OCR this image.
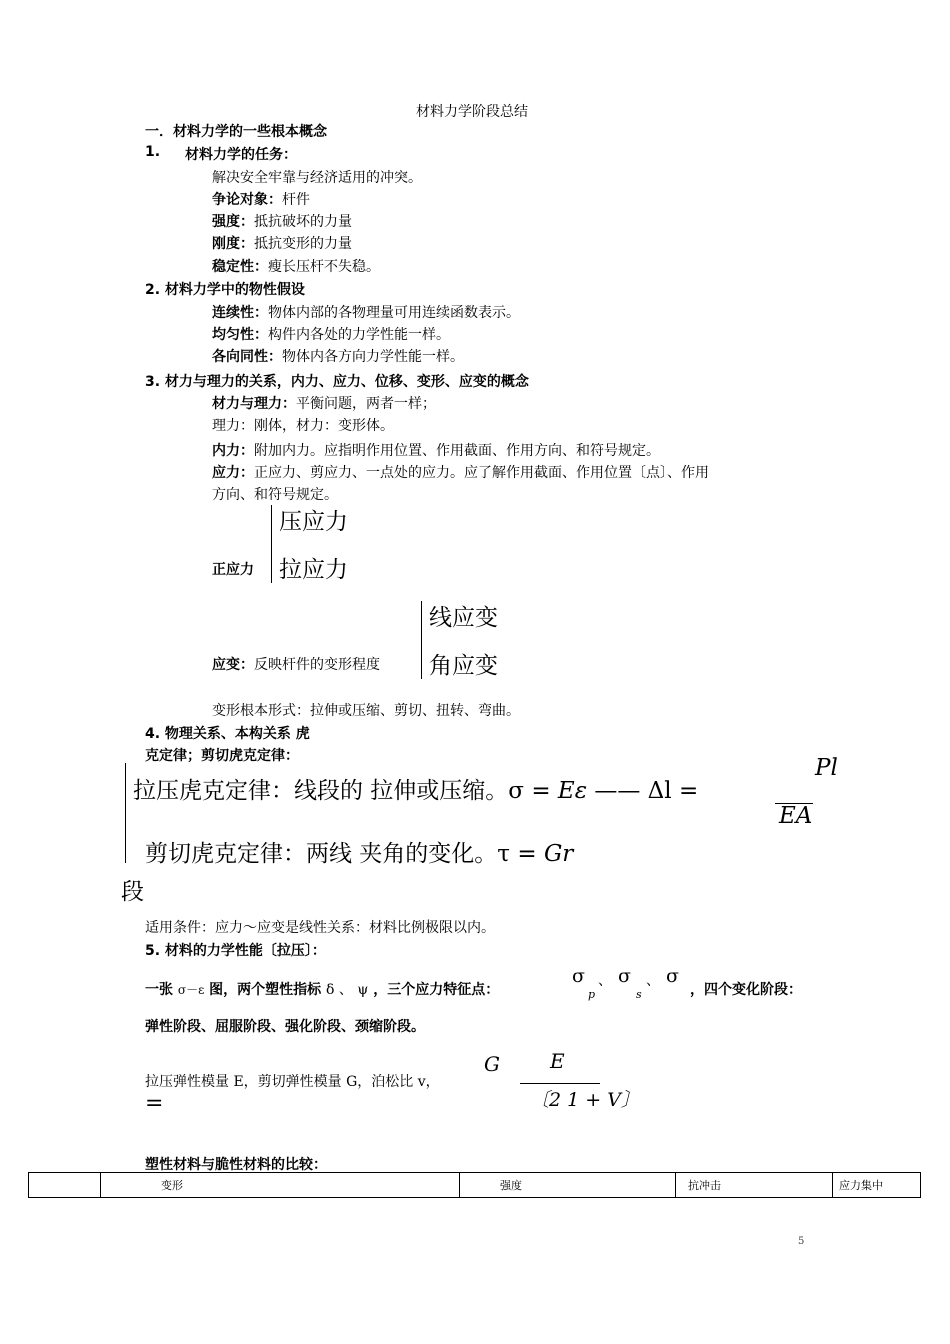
材料力学阶段总结
一．材料力学的一些根本概念
1. 材料力学的任务：
解决安全牢靠与经济适用的冲突。
争论对象：杆件
强度：抵抗破坏的力量
刚度：抵抗变形的力量
稳定性：瘦长压杆不失稳。
2. 材料力学中的物性假设
连续性：物体内部的各物理量可用连续函数表示。
均匀性：构件内各处的力学性能一样。
各向同性：物体内各方向力学性能一样。
3. 材力与理力的关系，内力、应力、位移、变形、应变的概念
材力与理力：平衡问题，两者一样；
理力：刚体，材力：变形体。
内力：附加内力。应指明作用位置、作用截面、作用方向、和符号规定。
应力：正应力、剪应力、一点处的应力。应了解作用截面、作用位置〔点〕、作用
方向、和符号规定。
压应力
拉应力
正应力
线应变
角应变
应变：反映杆件的变形程度
变形根本形式：拉伸或压缩、剪切、扭转、弯曲。
4. 物理关系、本构关系 虎
克定律；剪切虎克定律：
拉压虎克定律：线段的 拉伸或压缩。σ = Eε —— Δl =
Pl
EA
剪切虎克定律：两线 夹角的变化。τ = Gr
段
适用条件：应力～应变是线性关系：材料比例极限以内。
5. 材料的力学性能〔拉压〕：
一张 σ－ε 图，两个塑性指标 δ 、 ψ ，三个应力特征点：
σ
p
、 σ
s
、 σ
，四个变化阶段：
弹性阶段、屈服阶段、强化阶段、颈缩阶段。
拉压弹性模量 E，剪切弹性模量 G，泊松比 v，
G
=
E
〔2 1 + V〕
塑性材料与脆性材料的比较：
	变形	强度	抗冲击	应力集中
5
